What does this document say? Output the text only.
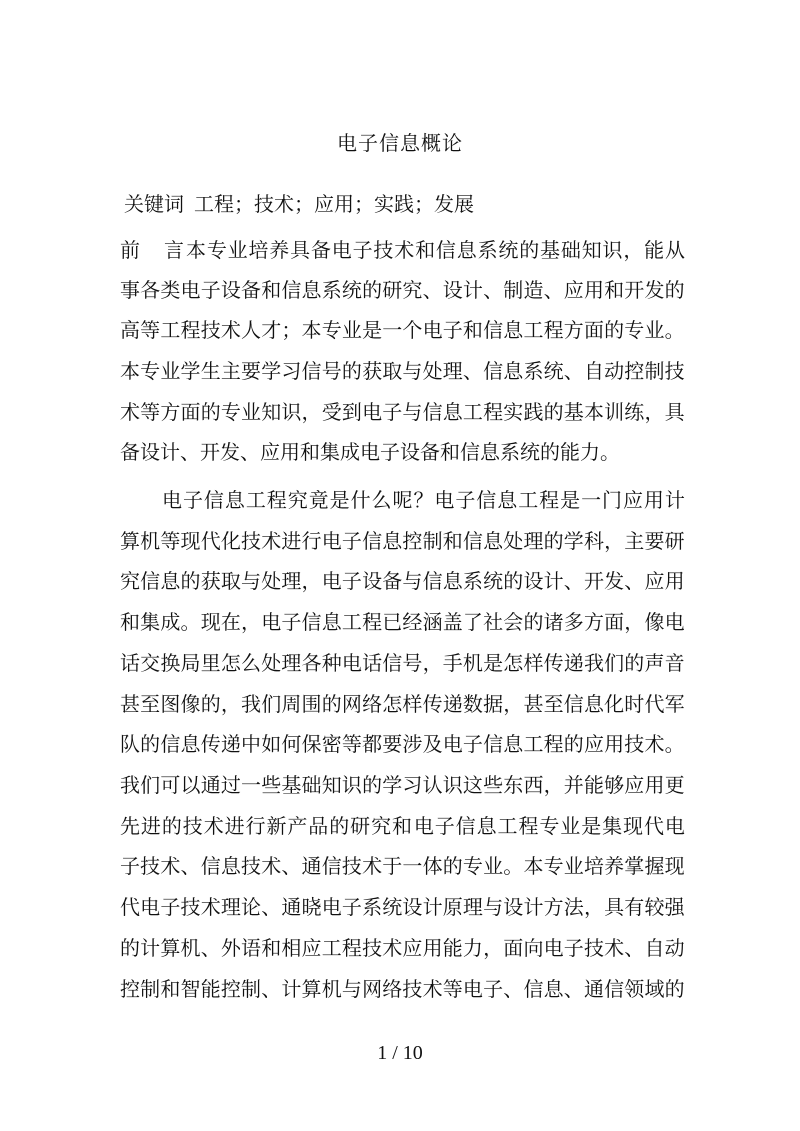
电子信息概论
关键词 工程；技术；应用；实践；发展
前 言 本专业培养具备电子技术和信息系统的基础知识，能从
事 各 类 电 子 设 备 和 信 息 系 统 的 研 究 、 设 计 、 制 造 、 应 用 和 开 发 的
高 等 工 程 技 术 人 才 ； 本 专 业 是 一 个 电 子 和 信 息 工 程 方 面 的 专 业 。
本 专 业 学 生 主 要 学 习 信 号 的 获 取 与 处 理 、 信 息 系 统 、 自 动 控 制 技
术 等 方 面 的 专 业 知 识 ， 受 到 电 子 与 信 息 工 程 实 践 的 基 本 训 练 ， 具
备设计、开发、应用和集成电子设备和信息系统的能力。
电 子 信 息 工 程 究 竟 是 什 么 呢 ？ 电 子 信 息 工 程 是 一 门 应 用 计
算 机 等 现 代 化 技 术 进 行 电 子 信 息 控 制 和 信 息 处 理 的 学 科 ， 主 要 研
究 信 息 的 获 取 与 处 理 ， 电 子 设 备 与 信 息 系 统 的 设 计 、 开 发 、 应 用
和 集 成 。 现 在 ， 电 子 信 息 工 程 已 经 涵 盖 了 社 会 的 诸 多 方 面 ， 像 电
话 交 换 局 里 怎 么 处 理 各 种 电 话 信 号 ， 手 机 是 怎 样 传 递 我 们 的 声 音
甚 至 图 像 的 ， 我 们 周 围 的 网 络 怎 样 传 递 数 据 ， 甚 至 信 息 化 时 代 军
队 的 信 息 传 递 中 如 何 保 密 等 都 要 涉 及 电 子 信 息 工 程 的 应 用 技 术 。
我 们 可 以 通 过 一 些 基 础 知 识 的 学 习 认 识 这 些 东 西 ， 并 能 够 应 用 更
先 进 的 技 术 进 行 新 产 品 的 研 究 和 电 子 信 息 工 程 专 业 是 集 现 代 电
子 技 术 、 信 息 技 术 、 通 信 技 术 于 一 体 的 专 业 。 本 专 业 培 养 掌 握 现
代 电 子 技 术 理 论 、 通 晓 电 子 系 统 设 计 原 理 与 设 计 方 法 ， 具 有 较 强
的 计 算 机 、 外 语 和 相 应 工 程 技 术 应 用 能 力 ， 面 向 电 子 技 术 、 自 动
控 制 和 智 能 控 制 、 计 算 机 与 网 络 技 术 等 电 子 、 信 息 、 通 信 领 域 的
1 / 10
